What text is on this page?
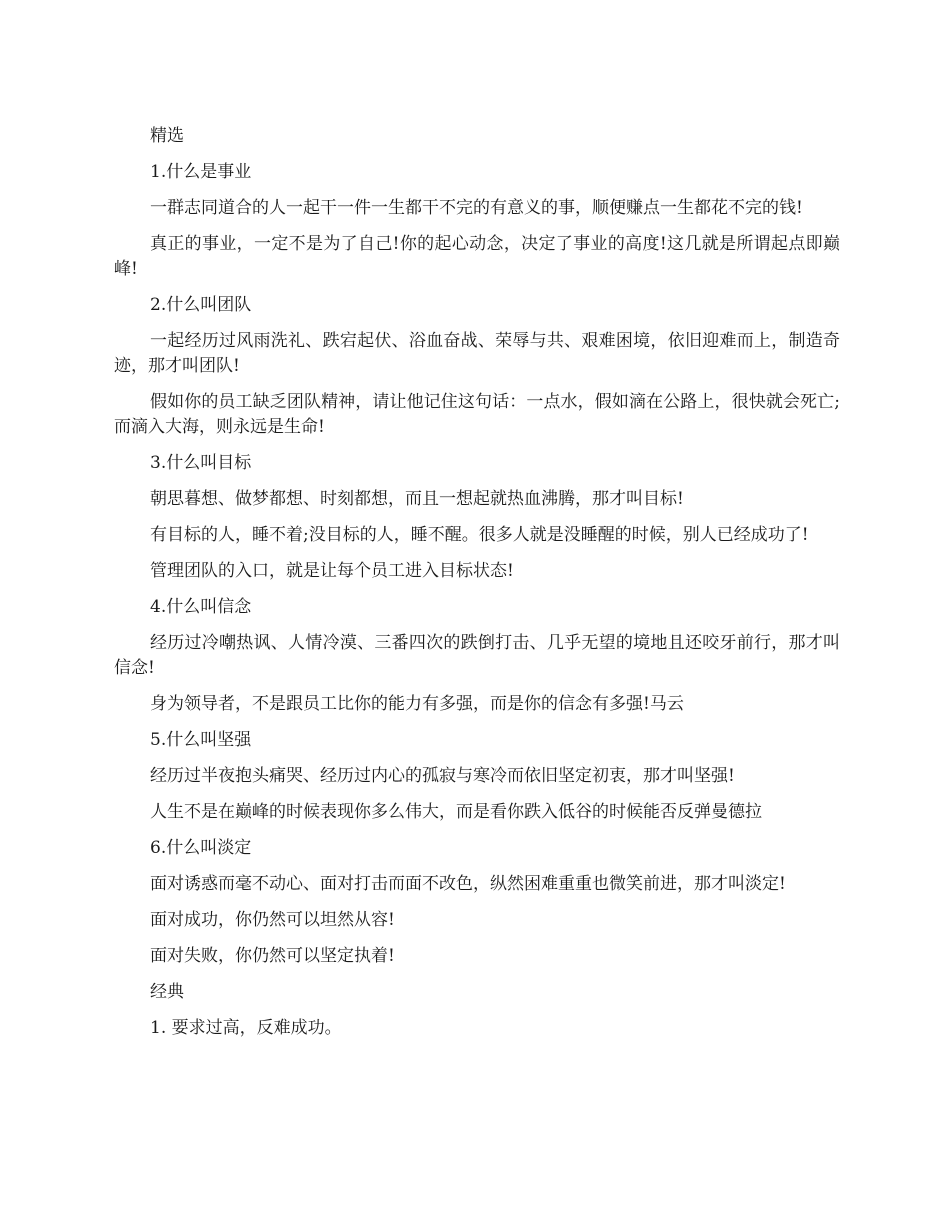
精选

1.什么是事业

一群志同道合的人一起干一件一生都干不完的有意义的事，顺便赚点一生都花不完的钱!

真正的事业，一定不是为了自己!你的起心动念，决定了事业的高度!这几就是所谓起点即巅峰!

2.什么叫团队

一起经历过风雨洗礼、跌宕起伏、浴血奋战、荣辱与共、艰难困境，依旧迎难而上，制造奇迹，那才叫团队!

假如你的员工缺乏团队精神，请让他记住这句话：一点水，假如滴在公路上，很快就会死亡;而滴入大海，则永远是生命!

3.什么叫目标

朝思暮想、做梦都想、时刻都想，而且一想起就热血沸腾，那才叫目标!

有目标的人，睡不着;没目标的人，睡不醒。很多人就是没睡醒的时候，别人已经成功了!

管理团队的入口，就是让每个员工进入目标状态!

4.什么叫信念

经历过冷嘲热讽、人情冷漠、三番四次的跌倒打击、几乎无望的境地且还咬牙前行，那才叫信念!

身为领导者，不是跟员工比你的能力有多强，而是你的信念有多强!马云

5.什么叫坚强

经历过半夜抱头痛哭、经历过内心的孤寂与寒冷而依旧坚定初衷，那才叫坚强!

人生不是在巅峰的时候表现你多么伟大，而是看你跌入低谷的时候能否反弹曼德拉

6.什么叫淡定

面对诱惑而毫不动心、面对打击而面不改色，纵然困难重重也微笑前进，那才叫淡定!

面对成功，你仍然可以坦然从容!

面对失败，你仍然可以坚定执着!

经典

1. 要求过高，反难成功。
